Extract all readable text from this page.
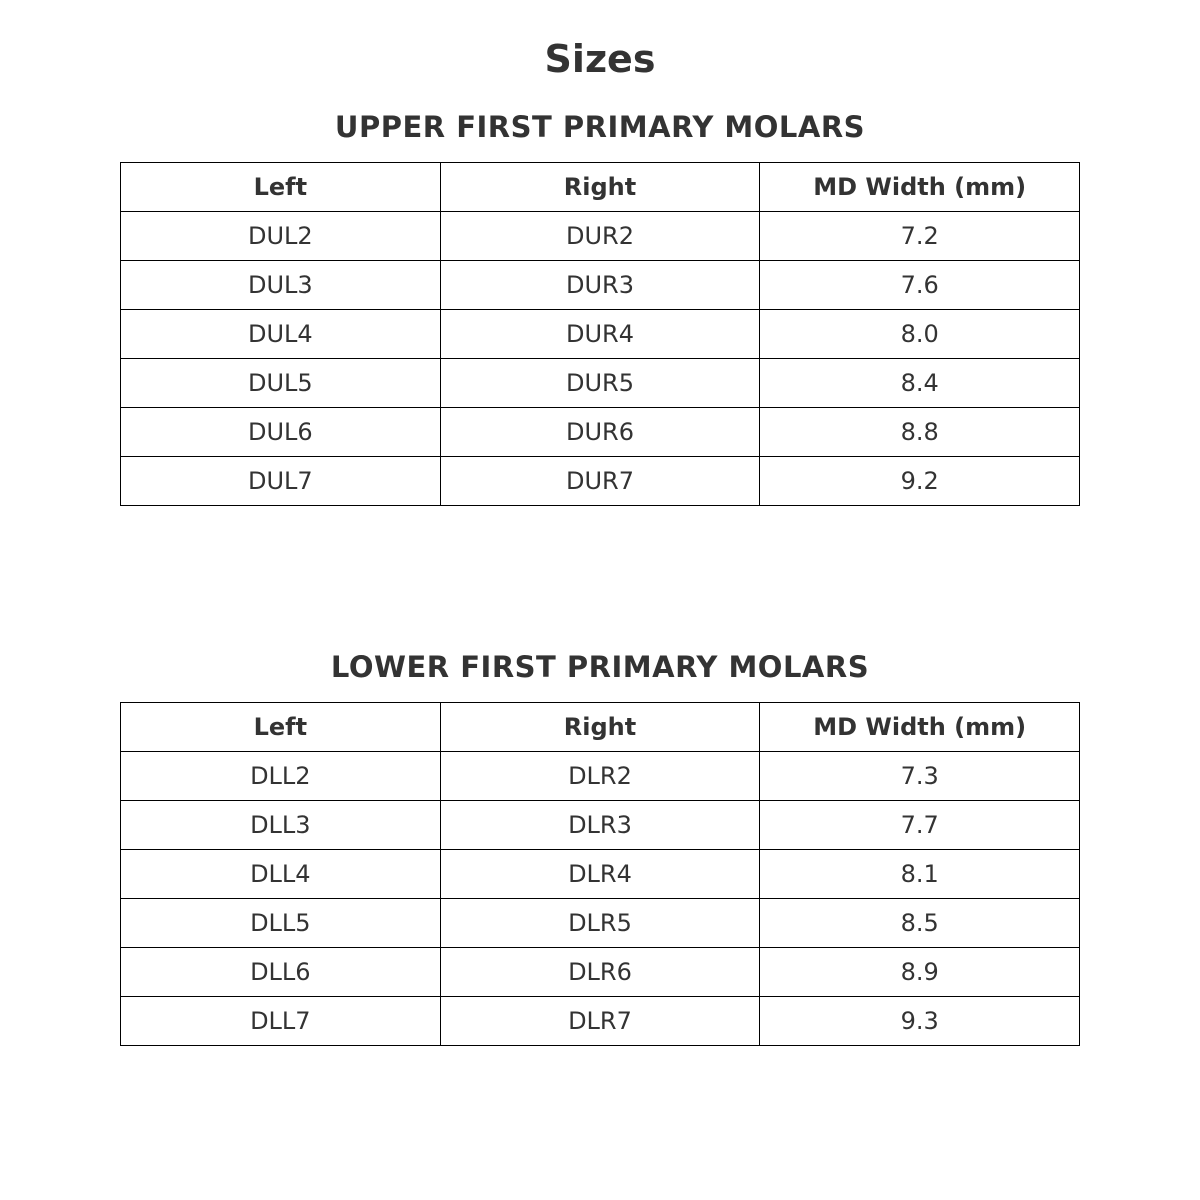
Sizes
UPPER FIRST PRIMARY MOLARS
Left	Right	MD Width (mm)
DUL2	DUR2	7.2
DUL3	DUR3	7.6
DUL4	DUR4	8.0
DUL5	DUR5	8.4
DUL6	DUR6	8.8
DUL7	DUR7	9.2
LOWER FIRST PRIMARY MOLARS
Left	Right	MD Width (mm)
DLL2	DLR2	7.3
DLL3	DLR3	7.7
DLL4	DLR4	8.1
DLL5	DLR5	8.5
DLL6	DLR6	8.9
DLL7	DLR7	9.3
